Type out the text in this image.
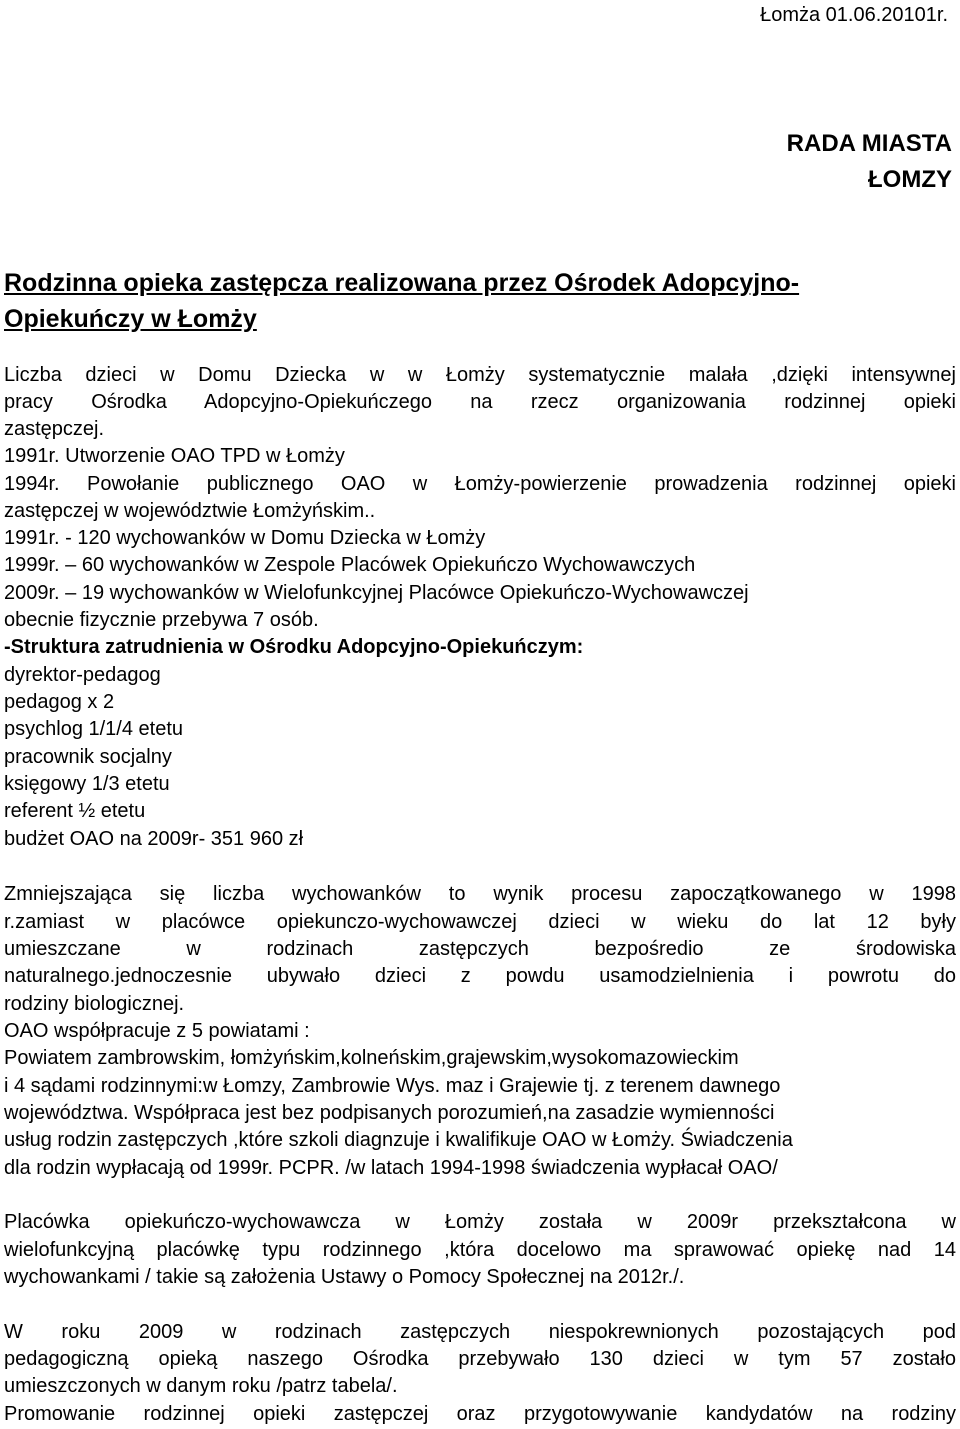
Łomża 01.06.20101r.
RADA MIASTA
ŁOMZY
Rodzinna opieka zastępcza realizowana przez Ośrodek Adopcyjno-
Opiekuńczy w Łomży
Liczba dzieci w Domu Dziecka w w Łomży systematycznie malała ,dzięki intensywnej
pracy Ośrodka Adopcyjno-Opiekuńczego na rzecz organizowania rodzinnej opieki
zastępczej.
1991r. Utworzenie OAO TPD w Łomży
1994r. Powołanie publicznego OAO w Łomży-powierzenie prowadzenia rodzinnej opieki
zastępczej w województwie Łomżyńskim..
1991r. - 120 wychowanków w Domu Dziecka w Łomży
1999r. – 60 wychowanków w Zespole Placówek Opiekuńczo Wychowawczych
2009r. – 19 wychowanków w Wielofunkcyjnej Placówce Opiekuńczo-Wychowawczej
obecnie fizycznie przebywa 7 osób.
-Struktura zatrudnienia w Ośrodku Adopcyjno-Opiekuńczym:
dyrektor-pedagog
pedagog x 2
psychlog 1/1/4 etetu
pracownik socjalny
księgowy 1/3 etetu
referent ½ etetu
budżet OAO na 2009r- 351 960 zł
Zmniejszająca się liczba wychowanków to wynik procesu zapoczątkowanego w 1998
r.zamiast w placówce opiekunczo-wychowawczej dzieci w wieku do lat 12 były
umieszczane w rodzinach zastępczych bezpośredio ze środowiska
naturalnego.jednoczesnie ubywało dzieci z powdu usamodzielnienia i powrotu do
rodziny biologicznej.
OAO współpracuje z 5 powiatami :
Powiatem zambrowskim, łomżyńskim,kolneńskim,grajewskim,wysokomazowieckim
i 4 sądami rodzinnymi:w Łomzy, Zambrowie Wys. maz i Grajewie tj. z terenem dawnego
województwa. Współpraca jest bez podpisanych porozumień,na zasadzie wymienności
usług rodzin zastępczych ,które szkoli diagnzuje i kwalifikuje OAO w Łomży. Świadczenia
dla rodzin wypłacają od 1999r. PCPR. /w latach 1994-1998 świadczenia wypłacał OAO/
Placówka opiekuńczo-wychowawcza w Łomży została w 2009r przekształcona w
wielofunkcyjną placówkę typu rodzinnego ,która docelowo ma sprawować opiekę nad 14
wychowankami / takie są założenia Ustawy o Pomocy Społecznej na 2012r./.
W roku 2009 w rodzinach zastępczych niespokrewnionych pozostających pod
pedagogiczną opieką naszego Ośrodka przebywało 130 dzieci w tym 57 zostało
umieszczonych w danym roku /patrz tabela/.
Promowanie rodzinnej opieki zastępczej oraz przygotowywanie kandydatów na rodziny
